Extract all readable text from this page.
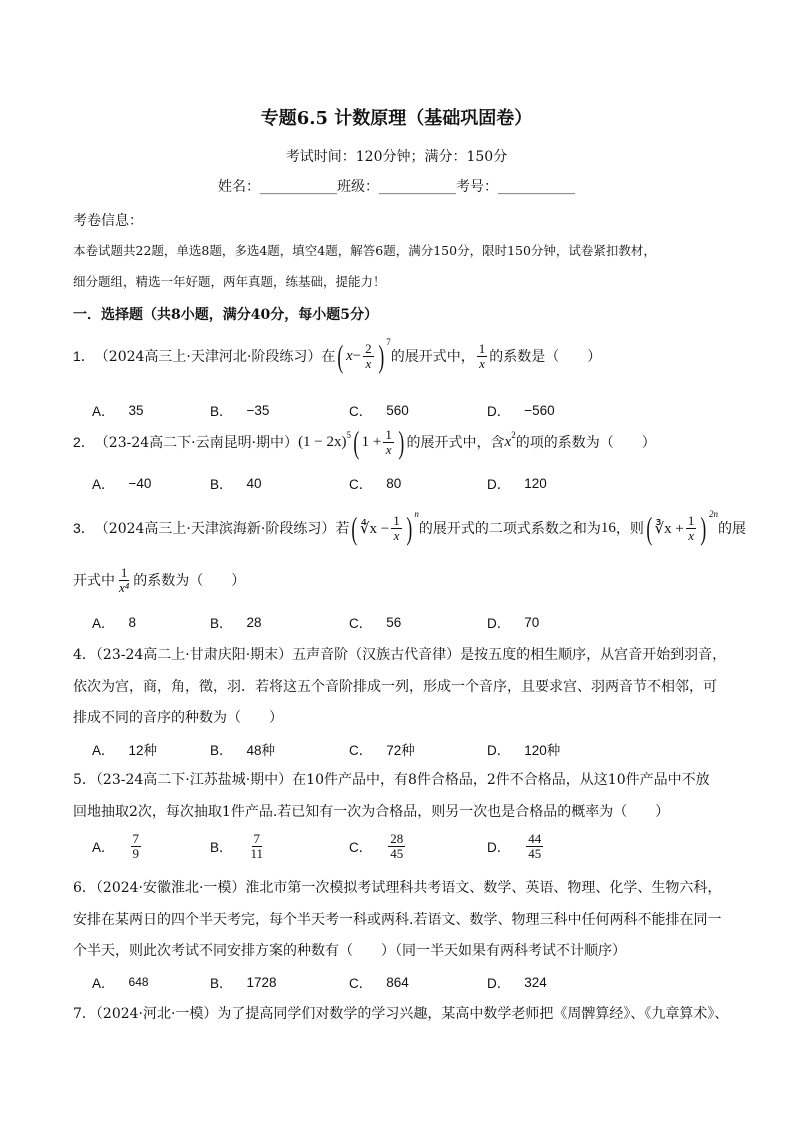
专题6.5 计数原理（基础巩固卷）
考试时间：120分钟；满分：150分
姓名：___________班级：___________考号：___________
考卷信息：
本卷试题共22题，单选8题，多选4题，填空4题，解答6题，满分150分，限时150分钟，试卷紧扣教材，
细分题组，精选一年好题，两年真题，练基础，提能力！
一．选择题（共8小题，满分40分，每小题5分）
1． （2024高三上·天津河北·阶段练习）在 ( $x - \frac{2}{x}$ ) 7
的展开式中， $\frac{1}{x}$ 的系数是（　　）
A． 35	B． −35	C． 560	D． −560
2． （23-24高二下·云南昆明·期中） (1 − 2x) 5 ( $1 + \frac{1}{x}$ ) 的展开式中，含 x 2 的项的系数为（　　）
A． −40	B． 40	C． 80	D． 120
3． （2024高三上·天津滨海新·阶段练习）若 ( ∜x − $\frac{1}{x}$ ) n
的展开式的二项式系数之和为 16 ，则 ( ∛x + $\frac{1}{x}$ ) 2n
的展
开式中 $\frac{1}{\text{x⁴}}$ 的系数为（　　）
A． 8	B． 28	C． 56	D． 70
4．（23-24高二上·甘肃庆阳·期末）五声音阶（汉族古代音律）是按五度的相生顺序，从宫音开始到羽音，
依次为宫，商，角，徵，羽．若将这五个音阶排成一列，形成一个音序，且要求宫、羽两音节不相邻，可
排成不同的音序的种数为（　　）
A． 12种	B． 48种	C． 72种	D． 120种
5．（23-24高二下·江苏盐城·期中）在10件产品中，有8件合格品，2件不合格品，从这10件产品中不放
回地抽取2次，每次抽取1件产品.若已知有一次为合格品，则另一次也是合格品的概率为（　　）
A． $\frac{7}{9}$	B． $\frac{7}{11}$	C． $\frac{28}{45}$	D． $\frac{44}{45}$
6．（2024·安徽淮北·一模）淮北市第一次模拟考试理科共考语文、数学、英语、物理、化学、生物六科，
安排在某两日的四个半天考完，每个半天考一科或两科.若语文、数学、物理三科中任何两科不能排在同一
个半天，则此次考试不同安排方案的种数有（　　）（同一半天如果有两科考试不计顺序）
A． 648	B． 1728	C． 864	D． 324
7．（2024·河北·一模）为了提高同学们对数学的学习兴趣，某高中数学老师把《周髀算经》、《九章算术》、
